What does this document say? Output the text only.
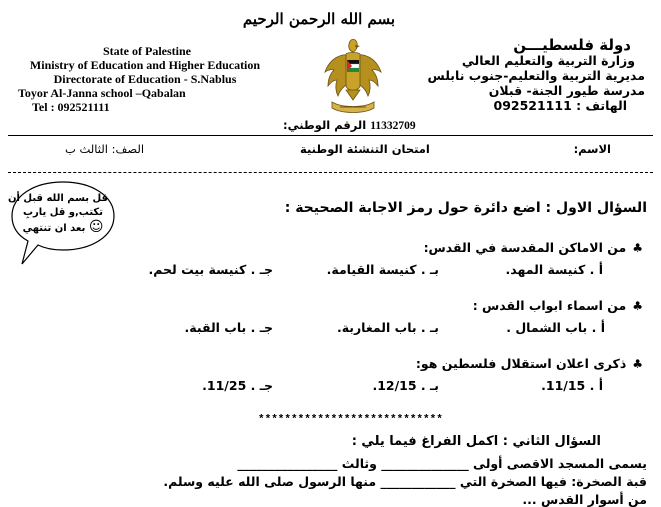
بسم الله الرحمن الرحيم
State of Palestine
Ministry of Education and Higher Education
Directorate of Education - S.Nablus
Toyor Al-Janna school –Qabalan
Tel : 092521111
دولة فلسطيـــن
وزارة التربية والتعليم العالي
مديرية التربية والتعليم-جنوب نابلس
مدرسة طيور الجنة- قبلان
الهاتف : 092521111
11332709 الرقم الوطني:
الاسم:
امتحان التنشئة الوطنية
الصف: الثالث ب
قل بسم الله قبل أن
تكتب,و قل ياربِ
☺ بعد ان تنتهي
السؤال الاول : اضع دائرة حول رمز الاجابة الصحيحة :
♣من الاماكن المقدسة في القدس:
أ . كنيسة المهد.
بـ . كنيسة القيامة.
جـ . كنيسة بيت لحم.
♣من اسماء ابواب القدس :
أ . باب الشمال .
بـ . باب المغاربة.
جـ . باب القبة.
♣ذكرى اعلان استقلال فلسطين هو:
أ . 11/15.
بـ . 12/15.
جـ . 11/25.
****************************
السؤال الثاني : اكمل الفراغ فيما يلي :
يسمى المسجد الاقصى أولى ______________ وثالث ________________
قبة الصخرة: فيها الصخرة التي ____________ منها الرسول صلى الله عليه وسلم.
من أسوار القدس ...
